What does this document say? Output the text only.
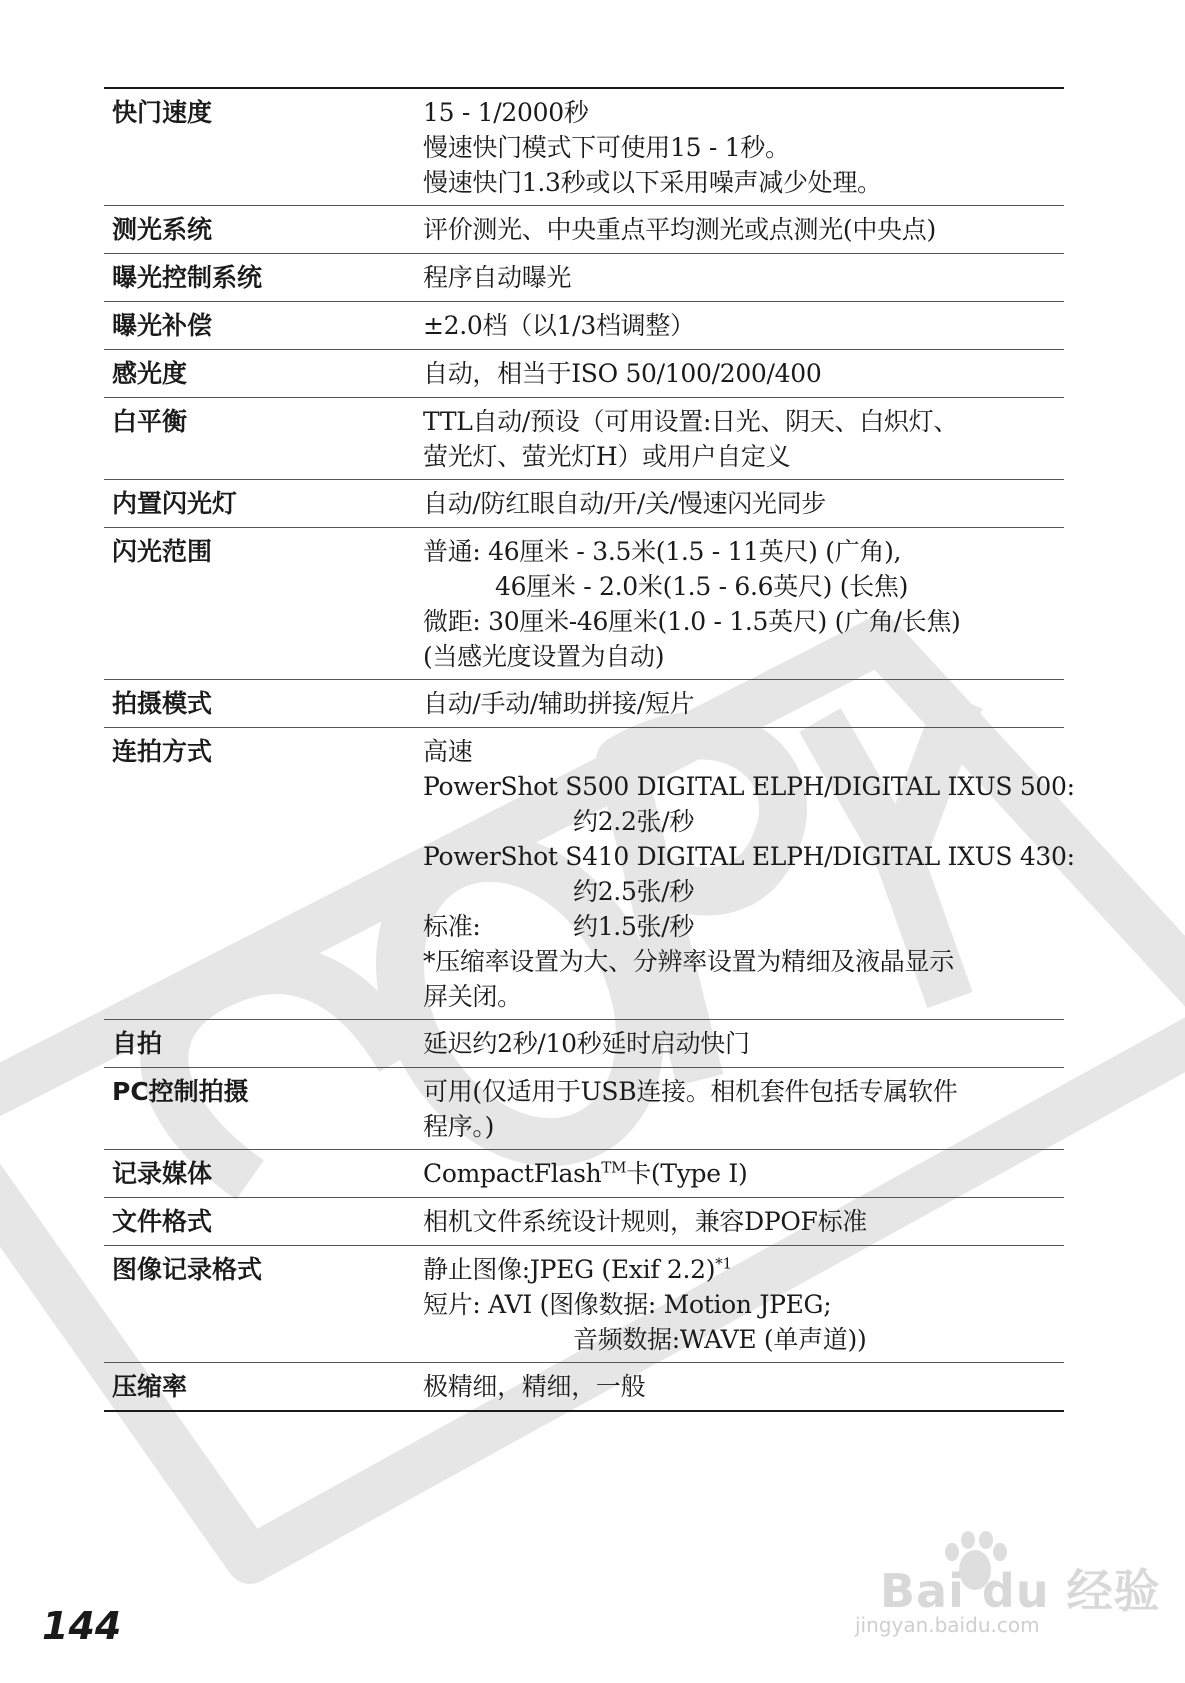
快门速度	15 - 1/2000秒
慢速快门模式下可使用15 - 1秒。
慢速快门1.3秒或以下采用噪声减少处理。
测光系统	评价测光、中央重点平均测光或点测光(中央点)
曝光控制系统	程序自动曝光
曝光补偿	±2.0档（以1/3档调整）
感光度	自动，相当于ISO 50/100/200/400
白平衡	TTL自动/预设（可用设置:日光、阴天、白炽灯、
萤光灯、萤光灯H）或用户自定义
内置闪光灯	自动/防红眼自动/开/关/慢速闪光同步
闪光范围	普通: 46厘米 - 3.5米(1.5 - 11英尺) (广角),
46厘米 - 2.0米(1.5 - 6.6英尺) (长焦)
微距: 30厘米-46厘米(1.0 - 1.5英尺) (广角/长焦)
(当感光度设置为自动)
拍摄模式	自动/手动/辅助拼接/短片
连拍方式	高速
PowerShot S500 DIGITAL ELPH/DIGITAL IXUS 500:
约2.2张/秒
PowerShot S410 DIGITAL ELPH/DIGITAL IXUS 430:
约2.5张/秒
标准:	约1.5张/秒
*压缩率设置为大、分辨率设置为精细及液晶显示
屏关闭。
自拍	延迟约2秒/10秒延时启动快门
PC控制拍摄	可用(仅适用于USB连接。相机套件包括专属软件
程序。)
记录媒体	CompactFlash™卡(Type I)
文件格式	相机文件系统设计规则，兼容DPOF标准
图像记录格式	静止图像:JPEG (Exif 2.2)$^{*1}$
短片: AVI (图像数据: Motion JPEG;
音频数据:WAVE (单声道))
压缩率	极精细，精细，一般
144
Bai du 经验
jingyan.baidu.com
